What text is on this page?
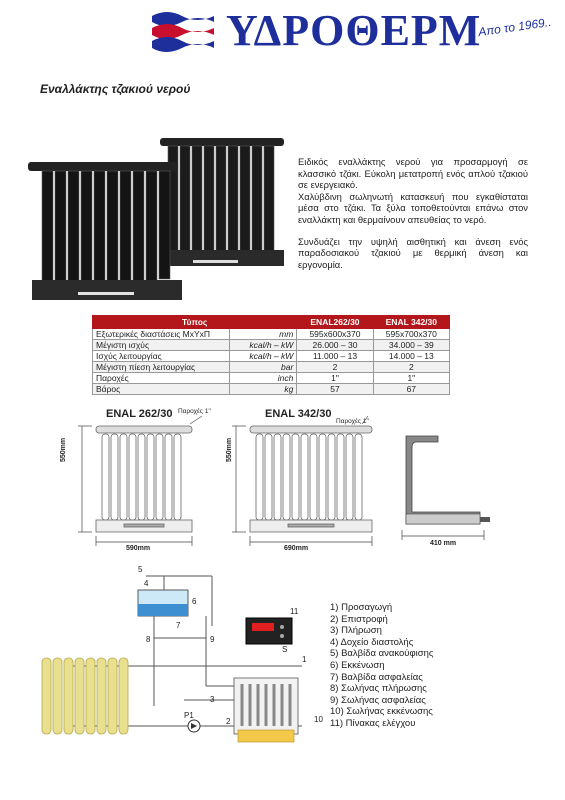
ΥΔΡΟΘΕΡΜ
Απο το 1969..
Εναλλάκτης τζακιού νερού

Ειδικός εναλλάκτης νερού για προσαρμογή σε κλασσικό τζάκι. Εύκολη μετατροπή ενός απλού τζακιού σε ενεργειακό.

Χαλύβδινη σωληνωτή κατασκευή που εγκαθίσταται μέσα στο τζάκι. Τα ξύλα τοποθετούνται επάνω στον εναλλάκτη και θερμαίνουν απευθείας το νερό.

Συνδυάζει την υψηλή αισθητική και άνεση ενός παραδοσιακού τζακιού με θερμική άνεση και εργονομία.

Τύπος		ENAL262/30	ENAL 342/30
Εξωτερικές διαστάσεις ΜxΥxΠ	mm	595x600x370	595x700x370
Μέγιστη ισχύς	kcal/h – kW	26.000 – 30	34.000 – 39
Ισχύς λειτουργίας	kcal/h – kW	11.000 – 13	14.000 – 13
Μέγιστη πίεση λειτουργίας	bar	2	2
Παροχές	inch	1"	1"
Βάρος	kg	57	67
ENAL 262/30	ENAL 342/30
Παροχές 1"
550mm
590mm
Παροχές 1"
550mm
690mm
410 mm
1
2
3
4
5
6
7
8	9
10
11
P1
S
1) Προσαγωγή
2) Επιστροφή
3) Πλήρωση
4) Δοχείο διαστολής
5) Βαλβίδα ανακούφισης
6) Εκκένωση
7) Βαλβίδα ασφαλείας
8) Σωλήνας πλήρωσης
9) Σωλήνας ασφαλείας
10) Σωλήνας εκκένωσης
11) Πίνακας ελέγχου
